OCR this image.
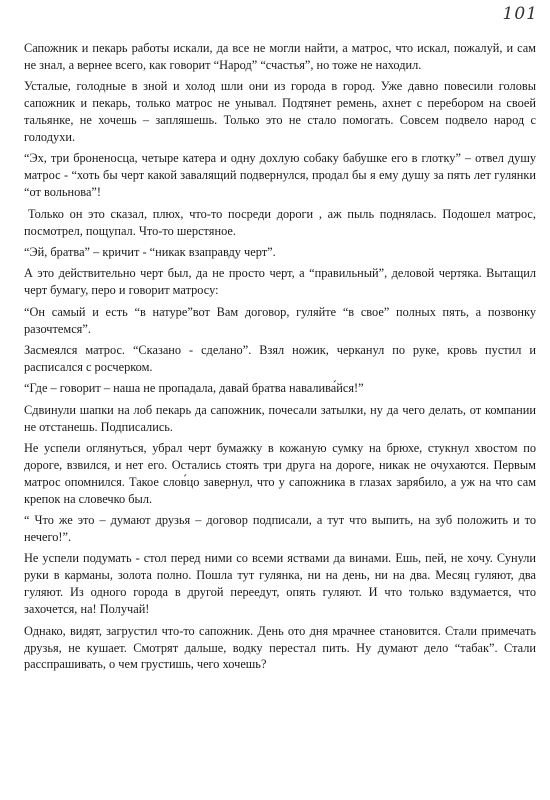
101

Сапожник и пекарь работы искали, да все не могли найти, а матрос, что искал, пожалуй, и сам не знал, а вернее всего, как говорит “Народ” “счастья”, но тоже не находил.

Усталые, голодные в зной и холод шли они из города в город. Уже давно повесили головы сапожник и пекарь, только матрос не унывал. Подтянет ремень, ахнет с перебором на своей тальянке, не хочешь – запляшешь. Только это не стало помогать. Совсем подвело народ с голодухи.

“Эх, три броненосца, четыре катера и одну дохлую собаку бабушке его в глотку” – отвел душу матрос - “хоть бы черт какой завалящий подвернулся, продал бы я ему душу за пять лет гулянки “от вольнова”!

Только он это сказал, плюх, что-то посреди дороги , аж пыль поднялась. Подошел матрос, посмотрел, пощупал. Что-то шерстяное.

“Эй, братва” – кричит - “никак взаправду черт”.

А это действительно черт был, да не просто черт, а “правильный”, деловой чертяка. Вытащил черт бумагу, перо и говорит матросу:

“Он самый и есть “в натуре”вот Вам договор, гуляйте “в свое” полных пять, а позвонку разочтемся”.

Засмеялся матрос. “Сказано - сделано”. Взял ножик, черканул по руке, кровь пустил и расписался с росчерком.

“Где – говорит – наша не пропадала, давай братва навалива́йся!”

Сдвинули шапки на лоб пекарь да сапожник, почесали затылки, ну да чего делать, от компании не отстанешь. Подписались.

Не успели оглянуться, убрал черт бумажку в кожаную сумку на брюхе, стукнул хвостом по дороге, взвился, и нет его. Остались стоять три друга на дороге, никак не очухаются. Первым матрос опомнился. Такое слов́цо завернул, что у сапожника в глазах зарябило, а уж на что сам крепок на словечко был.

“ Что же это – думают друзья – договор подписали, а тут что выпить, на зуб положить и то нечего!”.

Не успели подумать - стол перед ними со всеми яствами да винами. Ешь, пей, не хочу. Сунули руки в карманы, золота полно. Пошла тут гулянка, ни на день, ни на два. Месяц гуляют, два гуляют. Из одного города в другой переедут, опять гуляют. И что только вздумается, что захочется, на! Получай!

Однако, видят, загрустил что-то сапожник. День ото дня мрачнее становится. Стали примечать друзья, не кушает. Смотрят дальше, водку перестал пить. Ну думают дело “табак”. Стали расспрашивать, о чем грустишь, чего хочешь?
